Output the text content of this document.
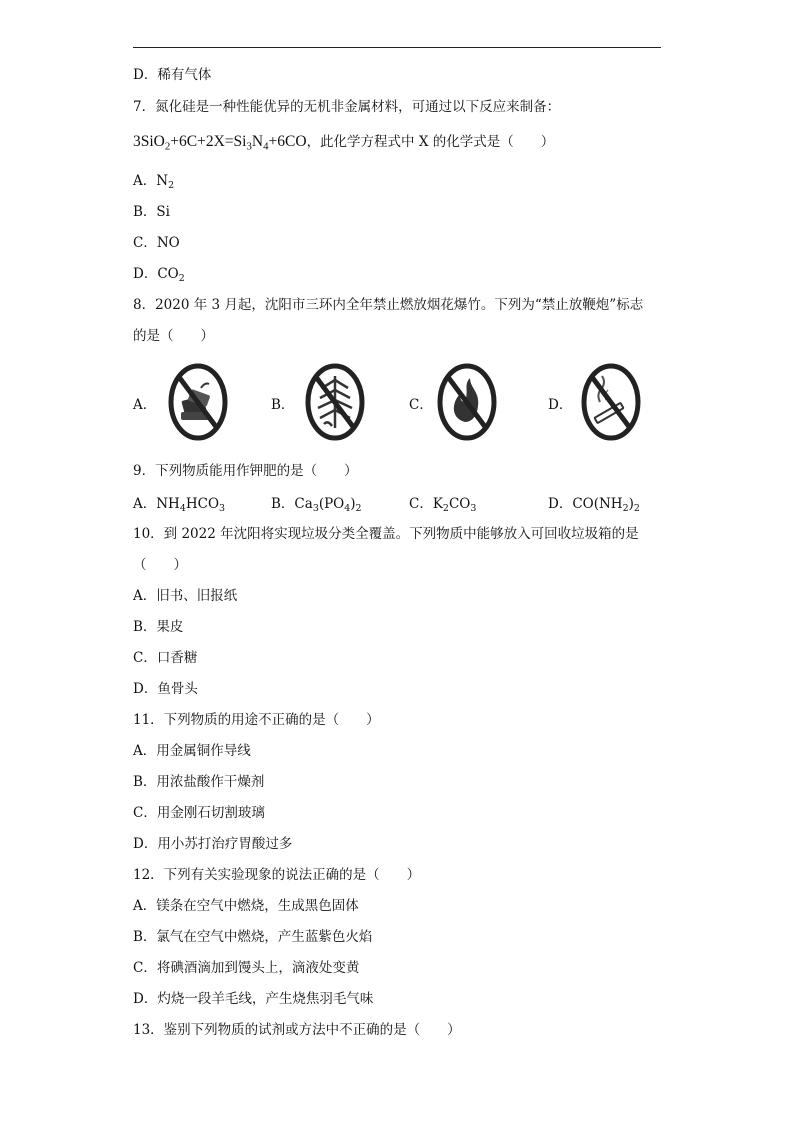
D．稀有气体
7．氮化硅是一种性能优异的无机非金属材料，可通过以下反应来制备：
$3SiO_2+6C+2X=Si_3N_4+6CO$，此化学方程式中 X 的化学式是（　　）
A．$N_2$
B．Si
C．NO
D．$CO_2$
8．2020 年 3 月起，沈阳市三环内全年禁止燃放烟花爆竹。下列为“禁止放鞭炮”标志
的是（　　）
A．	B．	C．	D．
9．下列物质能用作钾肥的是（　　）
A．$NH_4HCO_3$	B．$Ca_3(PO_4)_2$	C．$K_2CO_3$	D．$CO(NH_2)_2$
10．到 2022 年沈阳将实现垃圾分类全覆盖。下列物质中能够放入可回收垃圾箱的是
（　　）
A．旧书、旧报纸
B．果皮
C．口香糖
D．鱼骨头
11．下列物质的用途不正确的是（　　）
A．用金属铜作导线
B．用浓盐酸作干燥剂
C．用金刚石切割玻璃
D．用小苏打治疗胃酸过多
12．下列有关实验现象的说法正确的是（　　）
A．镁条在空气中燃烧，生成黑色固体
B．氯气在空气中燃烧，产生蓝紫色火焰
C．将碘酒滴加到馒头上，滴液处变黄
D．灼烧一段羊毛线，产生烧焦羽毛气味
13．鉴别下列物质的试剂或方法中不正确的是（　　）
